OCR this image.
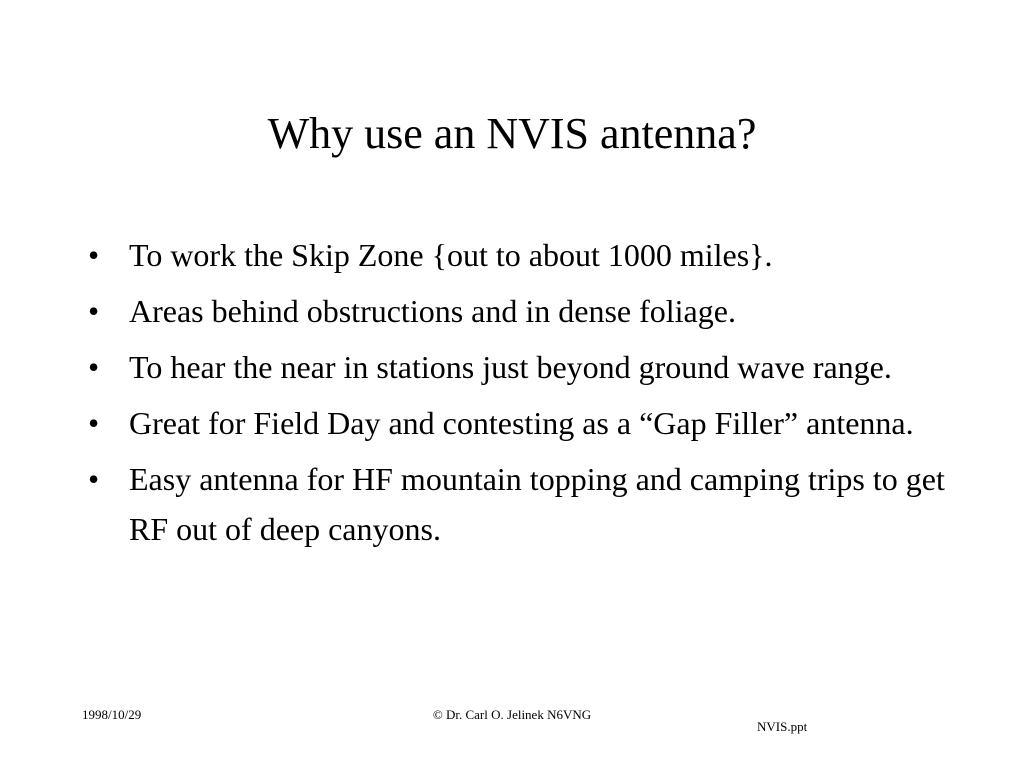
Why use an NVIS antenna?
• To work the Skip Zone {out to about 1000 miles}.
• Areas behind obstructions and in dense foliage.
• To hear the near in stations just beyond ground wave range.
• Great for Field Day and contesting as a “Gap Filler” antenna.
• Easy antenna for HF mountain topping and camping trips to get RF out of deep canyons.
1998/10/29	© Dr. Carl O. Jelinek N6VNG
NVIS.ppt
